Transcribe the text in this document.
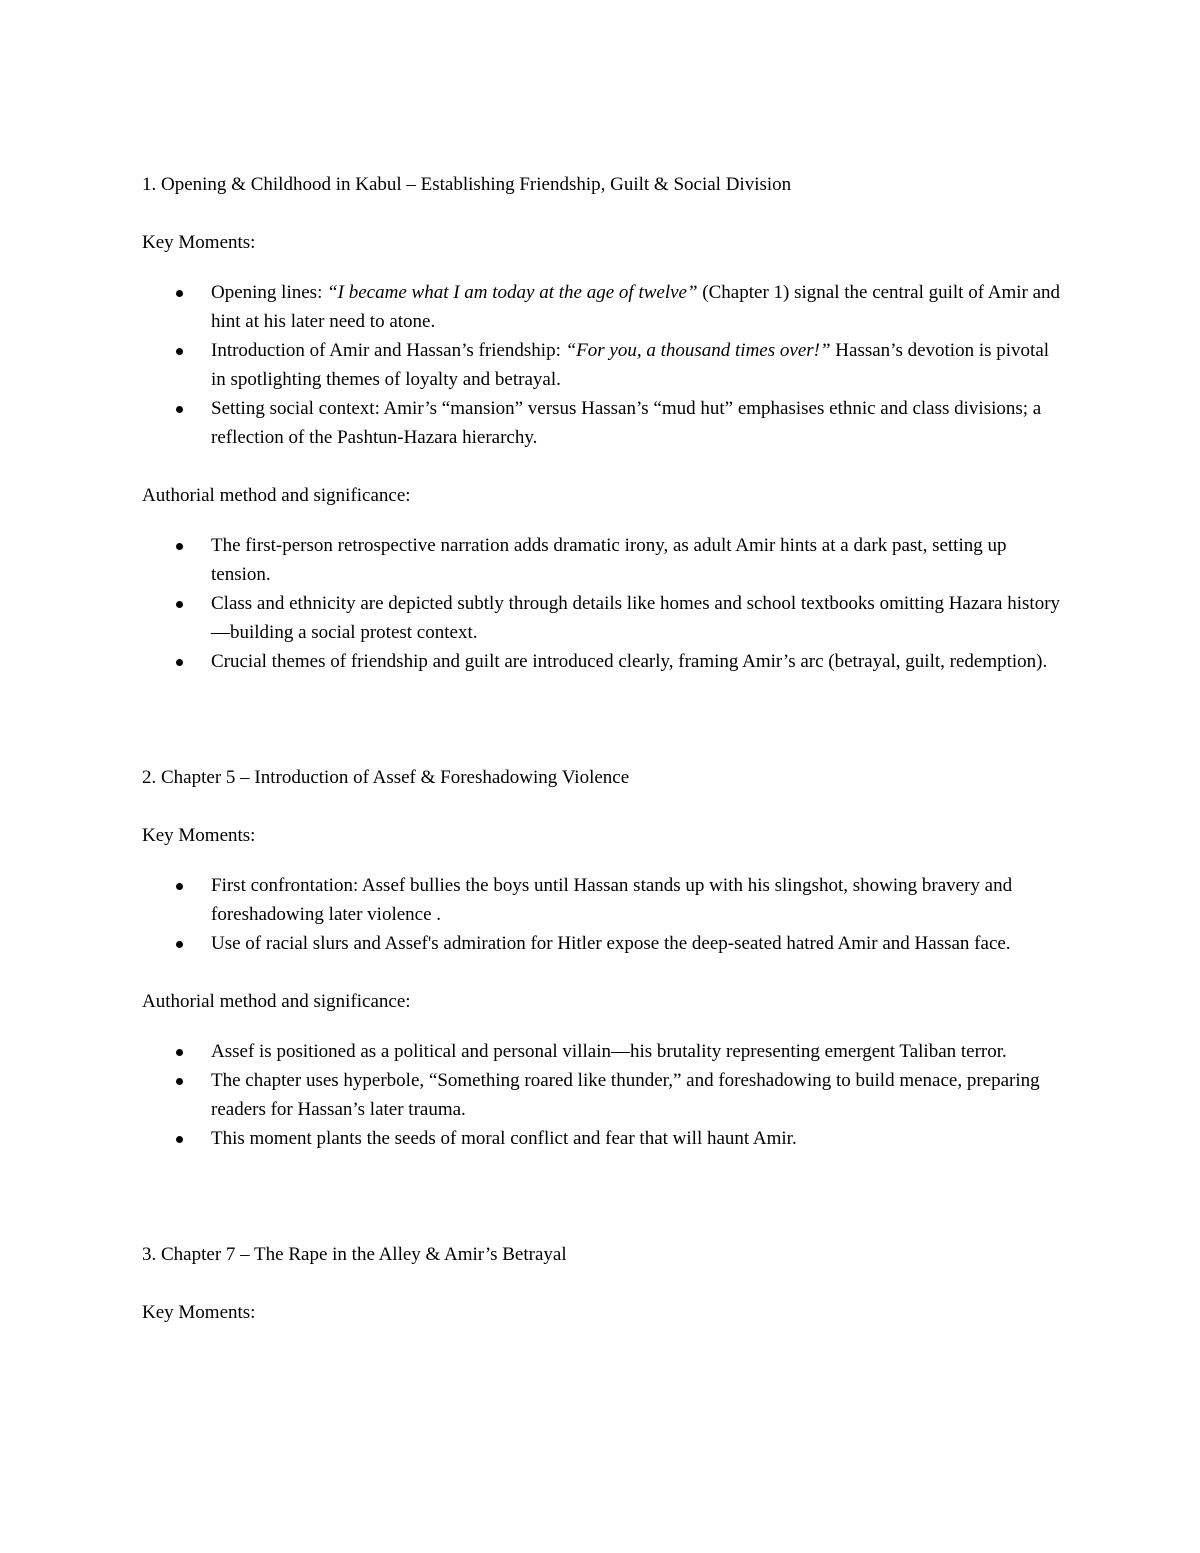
1. Opening & Childhood in Kabul – Establishing Friendship, Guilt & Social Division

Key Moments:

Opening lines: “I became what I am today at the age of twelve” (Chapter 1) signal the central guilt of Amir and hint at his later need to atone.
Introduction of Amir and Hassan’s friendship: “For you, a thousand times over!” Hassan’s devotion is pivotal in spotlighting themes of loyalty and betrayal.
Setting social context: Amir’s “mansion” versus Hassan’s “mud hut” emphasises ethnic and class divisions; a reflection of the Pashtun-Hazara hierarchy.

Authorial method and significance:

The first-person retrospective narration adds dramatic irony, as adult Amir hints at a dark past, setting up tension.
Class and ethnicity are depicted subtly through details like homes and school textbooks omitting Hazara history—building a social protest context.
Crucial themes of friendship and guilt are introduced clearly, framing Amir’s arc (betrayal, guilt, redemption).
2. Chapter 5 – Introduction of Assef & Foreshadowing Violence

Key Moments:

First confrontation: Assef bullies the boys until Hassan stands up with his slingshot, showing bravery and foreshadowing later violence .
Use of racial slurs and Assef's admiration for Hitler expose the deep-seated hatred Amir and Hassan face.

Authorial method and significance:

Assef is positioned as a political and personal villain—his brutality representing emergent Taliban terror.
The chapter uses hyperbole, “Something roared like thunder,” and foreshadowing to build menace, preparing readers for Hassan’s later trauma.
This moment plants the seeds of moral conflict and fear that will haunt Amir.
3. Chapter 7 – The Rape in the Alley & Amir’s Betrayal

Key Moments:
